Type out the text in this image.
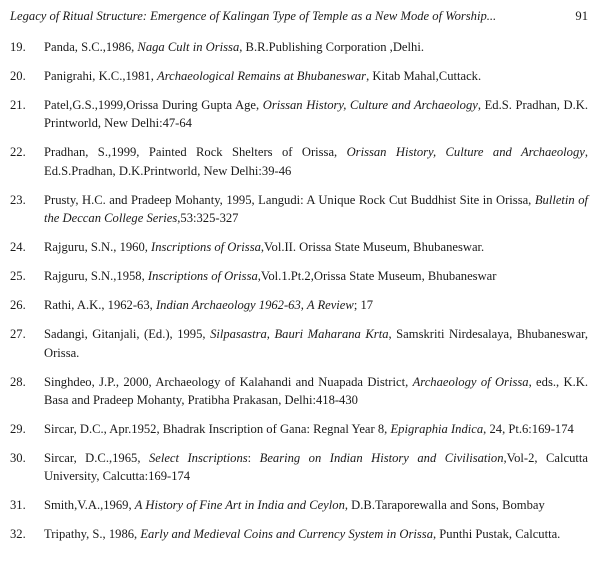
Legacy of Ritual Structure: Emergence of Kalingan Type of Temple as a New Mode of Worship...	91
19.	Panda, S.C.,1986, Naga Cult in Orissa, B.R.Publishing Corporation ,Delhi.
20.	Panigrahi, K.C.,1981, Archaeological Remains at Bhubaneswar, Kitab Mahal,Cuttack.
21.	Patel,G.S.,1999,Orissa During Gupta Age, Orissan History, Culture and Archaeology, Ed.S. Pradhan, D.K. Printworld, New Delhi:47-64
22.	Pradhan, S.,1999, Painted Rock Shelters of Orissa, Orissan History, Culture and Archaeology, Ed.S.Pradhan, D.K.Printworld, New Delhi:39-46
23.	Prusty, H.C. and Pradeep Mohanty, 1995, Langudi: A Unique Rock Cut Buddhist Site in Orissa, Bulletin of the Deccan College Series,53:325-327
24.	Rajguru, S.N., 1960, Inscriptions of Orissa,Vol.II. Orissa State Museum, Bhubaneswar.
25.	Rajguru, S.N.,1958, Inscriptions of Orissa,Vol.1.Pt.2,Orissa State Museum, Bhubaneswar
26.	Rathi, A.K., 1962-63, Indian Archaeology 1962-63, A Review; 17
27.	Sadangi, Gitanjali, (Ed.), 1995, Silpasastra, Bauri Maharana Krta, Samskriti Nirdesalaya, Bhubaneswar, Orissa.
28.	Singhdeo, J.P., 2000, Archaeology of Kalahandi and Nuapada District, Archaeology of Orissa, eds., K.K. Basa and Pradeep Mohanty, Pratibha Prakasan, Delhi:418-430
29.	Sircar, D.C., Apr.1952, Bhadrak Inscription of Gana: Regnal Year 8, Epigraphia Indica, 24, Pt.6:169-174
30.	Sircar, D.C.,1965, Select Inscriptions: Bearing on Indian History and Civilisation,Vol-2, Calcutta University, Calcutta:169-174
31.	Smith,V.A.,1969, A History of Fine Art in India and Ceylon, D.B.Taraporewalla and Sons, Bombay
32.	Tripathy, S., 1986, Early and Medieval Coins and Currency System in Orissa, Punthi Pustak, Calcutta.
